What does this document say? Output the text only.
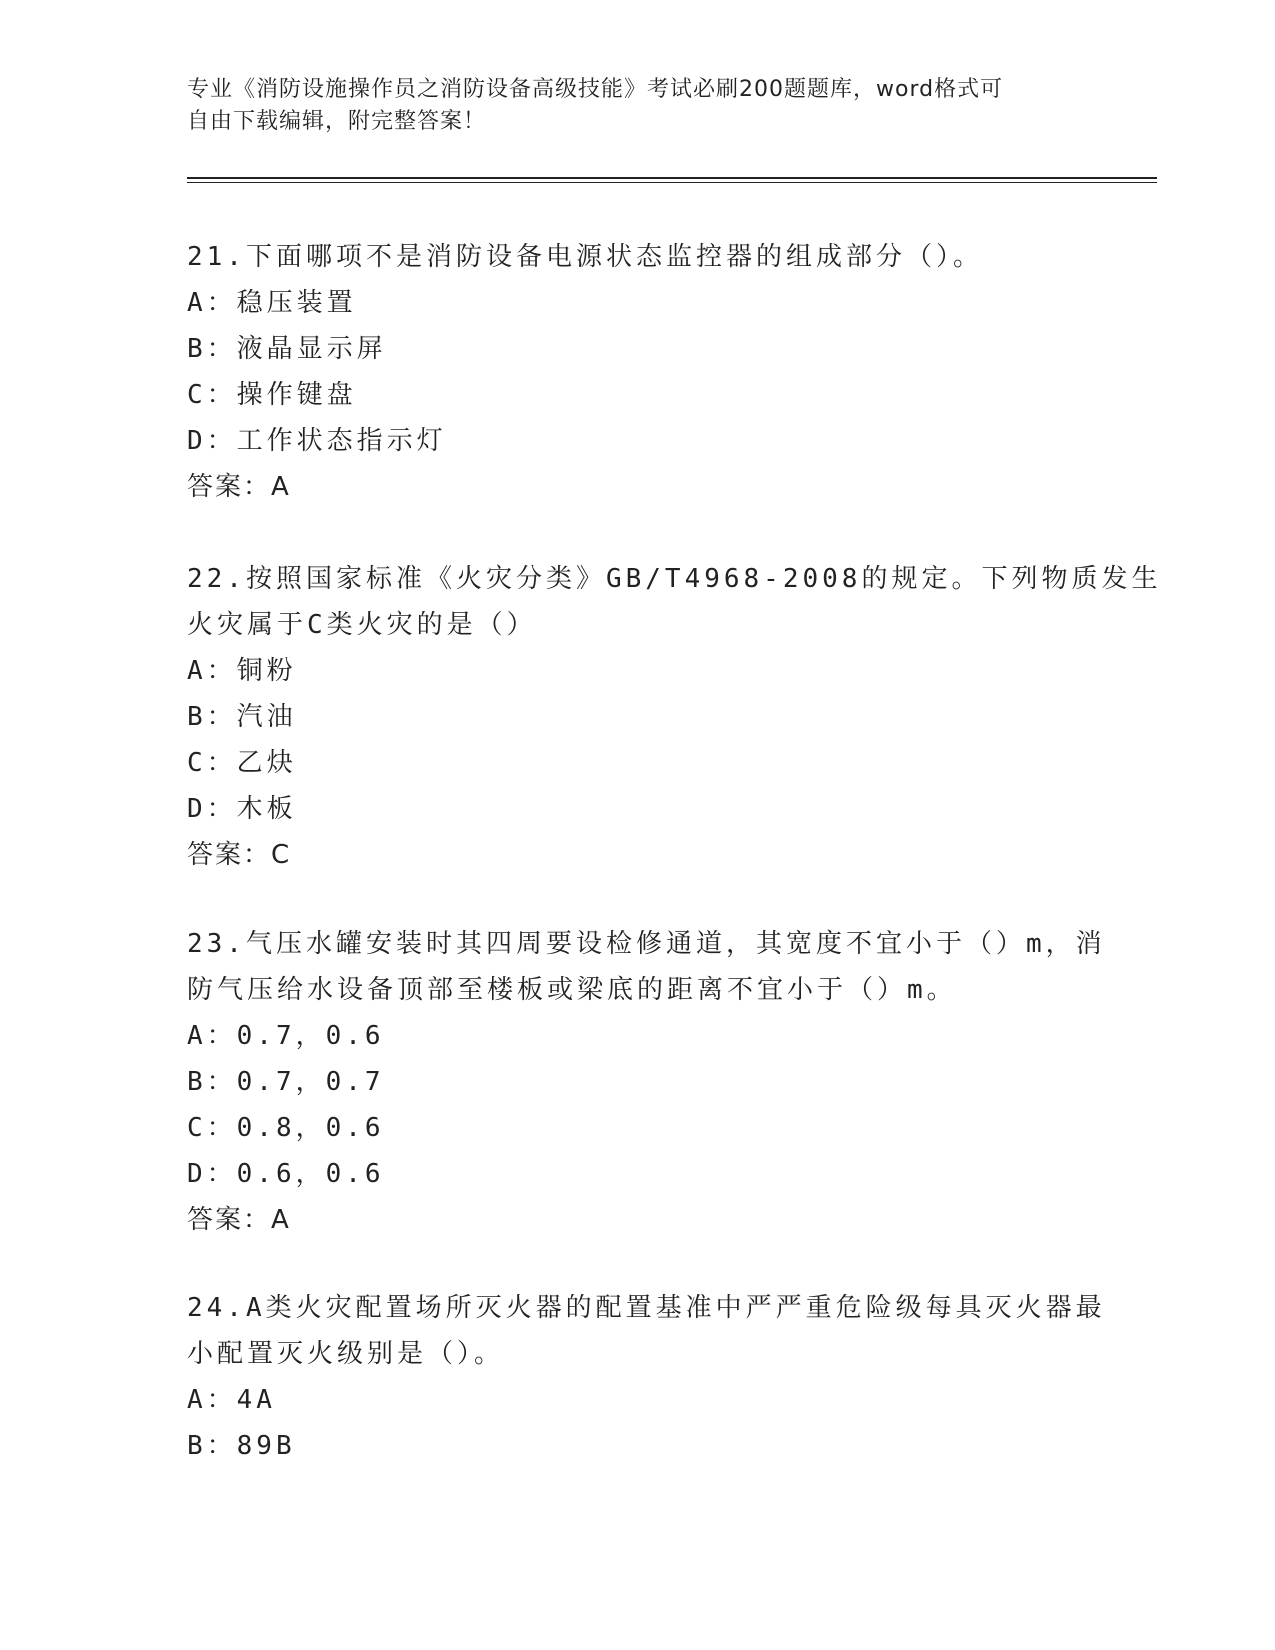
专业《消防设施操作员之消防设备高级技能》考试必刷200题题库，word格式可
自由下载编辑，附完整答案！
21.下面哪项不是消防设备电源状态监控器的组成部分（）。
A：稳压装置
B：液晶显示屏
C：操作键盘
D：工作状态指示灯
答案：A
22.按照国家标准《火灾分类》GB/T4968-2008的规定。下列物质发生
火灾属于C类火灾的是（）
A：铜粉
B：汽油
C：乙炔
D：木板
答案：C
23.气压水罐安装时其四周要设检修通道，其宽度不宜小于（）m，消
防气压给水设备顶部至楼板或梁底的距离不宜小于（）m。
A：0.7，0.6
B：0.7，0.7
C：0.8，0.6
D：0.6，0.6
答案：A
24.A类火灾配置场所灭火器的配置基准中严严重危险级每具灭火器最
小配置灭火级别是（）。
A：4A
B：89B
